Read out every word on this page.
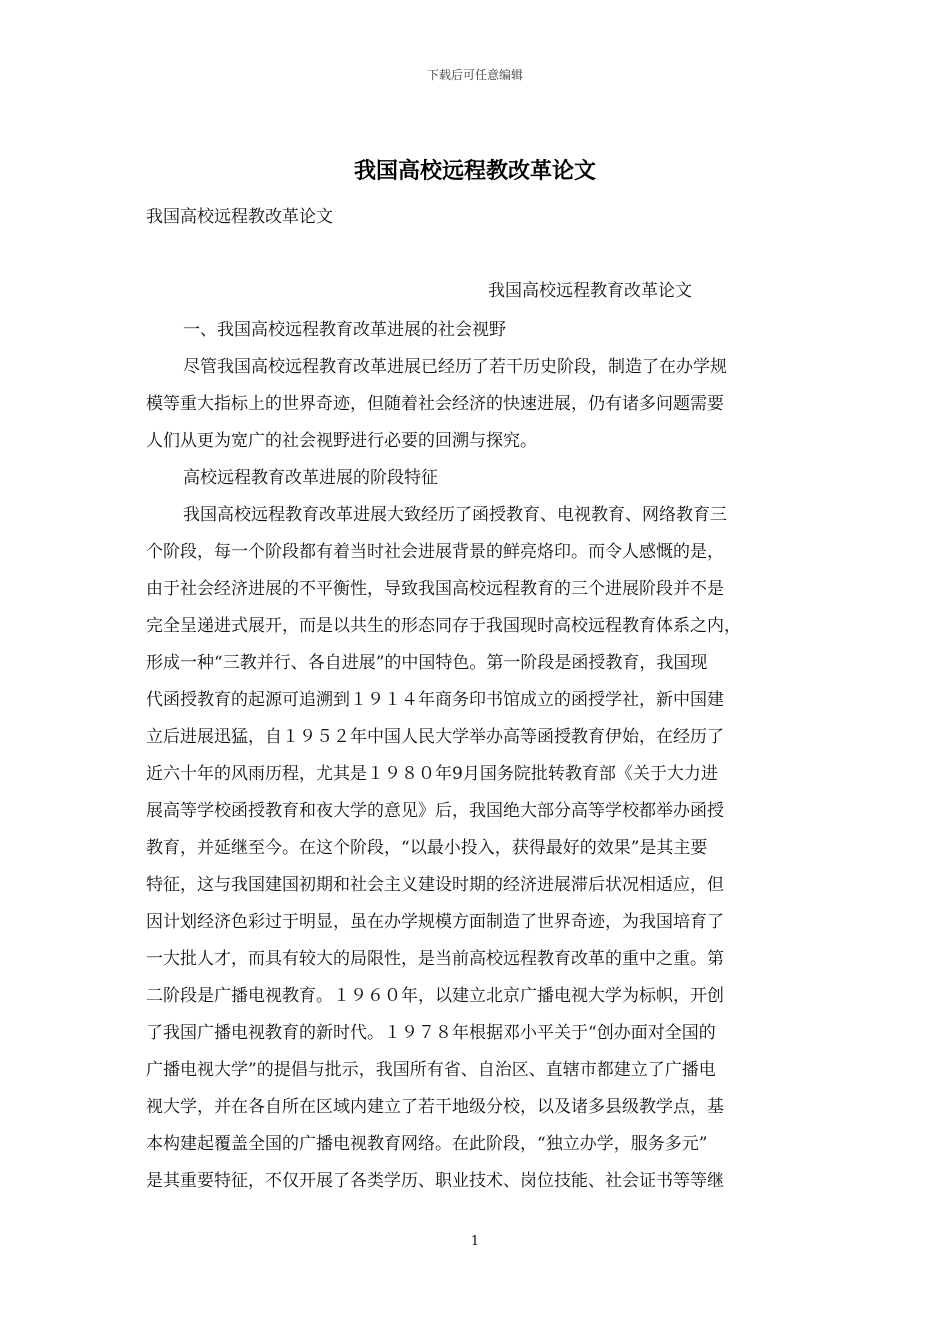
下载后可任意编辑
我国高校远程教改革论文
我国高校远程教改革论文
我国高校远程教育改革论文
一、我国高校远程教育改革进展的社会视野
尽管我国高校远程教育改革进展已经历了若干历史阶段，制造了在办学规
模等重大指标上的世界奇迹，但随着社会经济的快速进展，仍有诸多问题需要
人们从更为宽广的社会视野进行必要的回溯与探究。
高校远程教育改革进展的阶段特征
我国高校远程教育改革进展大致经历了函授教育、电视教育、网络教育三
个阶段，每一个阶段都有着当时社会进展背景的鲜亮烙印。而令人感慨的是，
由于社会经济进展的不平衡性，导致我国高校远程教育的三个进展阶段并不是
完全呈递进式展开，而是以共生的形态同存于我国现时高校远程教育体系之内，
形成一种“三教并行、各自进展”的中国特色。第一阶段是函授教育，我国现
代函授教育的起源可追溯到１９１４年商务印书馆成立的函授学社，新中国建
立后进展迅猛，自１９５２年中国人民大学举办高等函授教育伊始，在经历了
近六十年的风雨历程，尤其是１９８０年9月国务院批转教育部《关于大力进
展高等学校函授教育和夜大学的意见》后，我国绝大部分高等学校都举办函授
教育，并延继至今。在这个阶段，“以最小投入，获得最好的效果”是其主要
特征，这与我国建国初期和社会主义建设时期的经济进展滞后状况相适应，但
因计划经济色彩过于明显，虽在办学规模方面制造了世界奇迹，为我国培育了
一大批人才，而具有较大的局限性，是当前高校远程教育改革的重中之重。第
二阶段是广播电视教育。１９６０年，以建立北京广播电视大学为标帜，开创
了我国广播电视教育的新时代。１９７８年根据邓小平关于“创办面对全国的
广播电视大学”的提倡与批示，我国所有省、自治区、直辖市都建立了广播电
视大学，并在各自所在区域内建立了若干地级分校，以及诸多县级教学点，基
本构建起覆盖全国的广播电视教育网络。在此阶段，“独立办学，服务多元”
是其重要特征，不仅开展了各类学历、职业技术、岗位技能、社会证书等等继
1
